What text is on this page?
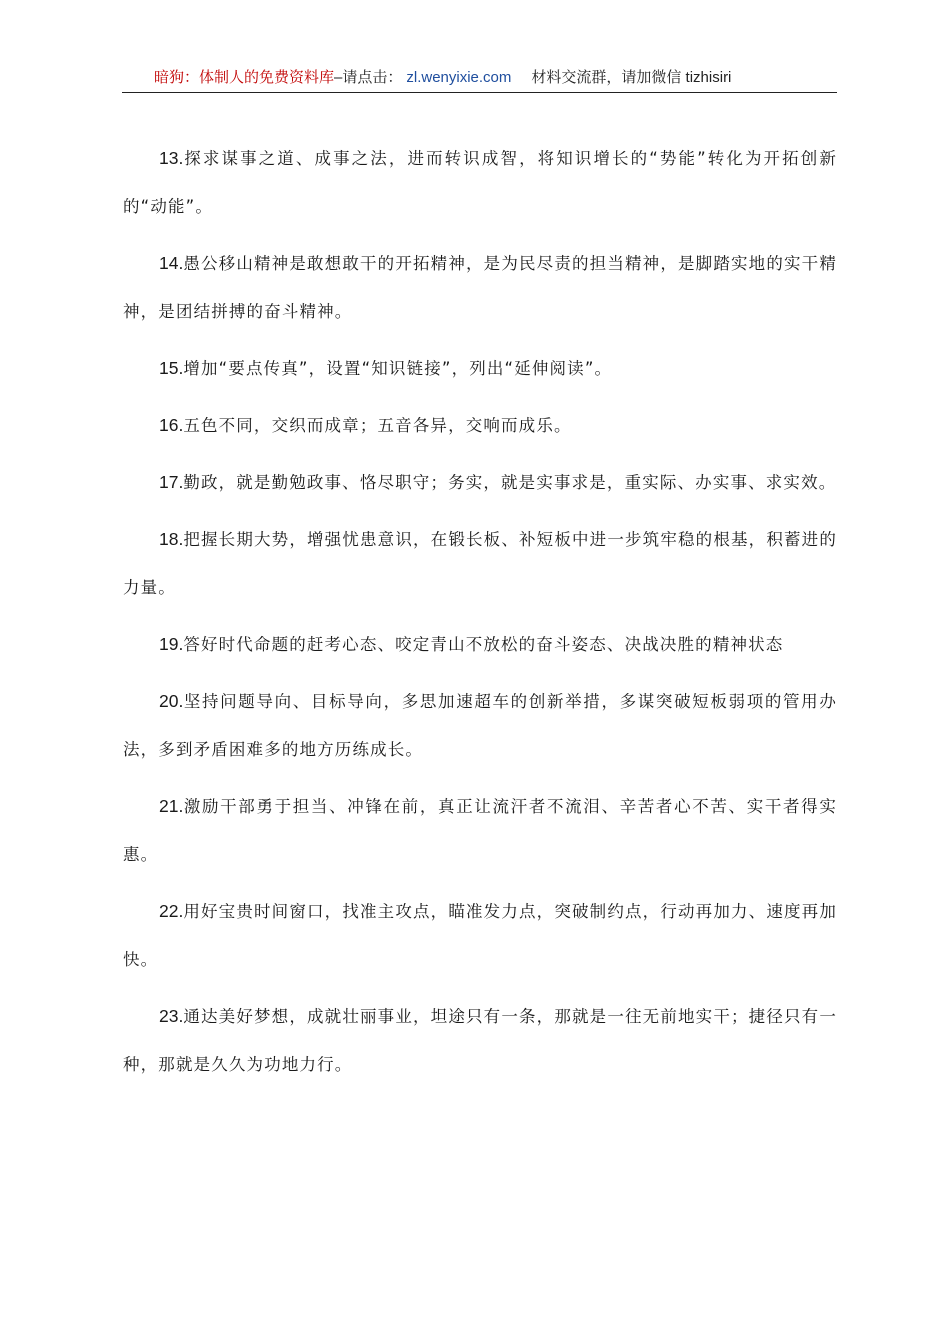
暗狗：体制人的免费资料库–请点击： zl.wenyixie.com 材料交流群，请加微信 tizhisiri

13.探求谋事之道、成事之法，进而转识成智，将知识增长的“势能”转化为开拓创新的“动能”。

14.愚公移山精神是敢想敢干的开拓精神，是为民尽责的担当精神，是脚踏实地的实干精神，是团结拼搏的奋斗精神。

15.增加“要点传真”，设置“知识链接”，列出“延伸阅读”。

16.五色不同，交织而成章；五音各异，交响而成乐。

17.勤政，就是勤勉政事、恪尽职守；务实，就是实事求是，重实际、办实事、求实效。

18.把握长期大势，增强忧患意识，在锻长板、补短板中进一步筑牢稳的根基，积蓄进的力量。

19.答好时代命题的赶考心态、咬定青山不放松的奋斗姿态、决战决胜的精神状态

20.坚持问题导向、目标导向，多思加速超车的创新举措，多谋突破短板弱项的管用办法，多到矛盾困难多的地方历练成长。

21.激励干部勇于担当、冲锋在前，真正让流汗者不流泪、辛苦者心不苦、实干者得实惠。

22.用好宝贵时间窗口，找准主攻点，瞄准发力点，突破制约点，行动再加力、速度再加快。

23.通达美好梦想，成就壮丽事业，坦途只有一条，那就是一往无前地实干；捷径只有一种，那就是久久为功地力行。
